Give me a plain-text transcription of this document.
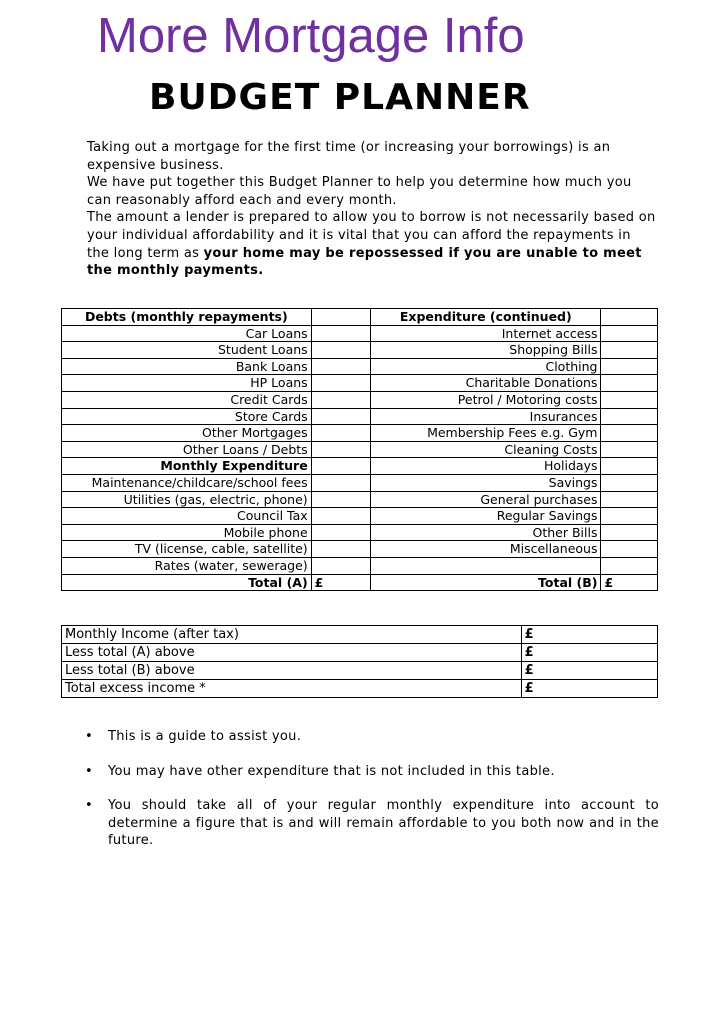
More Mortgage Info
BUDGET PLANNER

Taking out a mortgage for the first time (or increasing your borrowings) is an expensive business.

We have put together this Budget Planner to help you determine how much you can reasonably afford each and every month.

The amount a lender is prepared to allow you to borrow is not necessarily based on your individual affordability and it is vital that you can afford the repayments in the long term as your home may be repossessed if you are unable to meet the monthly payments.

Debts (monthly repayments)		Expenditure (continued)	
Car Loans		Internet access	
Student Loans		Shopping Bills	
Bank Loans		Clothing	
HP Loans		Charitable Donations	
Credit Cards		Petrol / Motoring costs	
Store Cards		Insurances	
Other Mortgages		Membership Fees e.g. Gym	
Other Loans / Debts		Cleaning Costs	
Monthly Expenditure		Holidays	
Maintenance/childcare/school fees		Savings	
Utilities (gas, electric, phone)		General purchases	
Council Tax		Regular Savings	
Mobile phone		Other Bills	
TV (license, cable, satellite)		Miscellaneous	
Rates (water, sewerage)			
Total (A)	£	Total (B)	£
Monthly Income (after tax)	£
Less total (A) above	£
Less total (B) above	£
Total excess income *	£
• This is a guide to assist you.
• You may have other expenditure that is not included in this table.
• You should take all of your regular monthly expenditure into account to determine a figure that is and will remain affordable to you both now and in the future.
